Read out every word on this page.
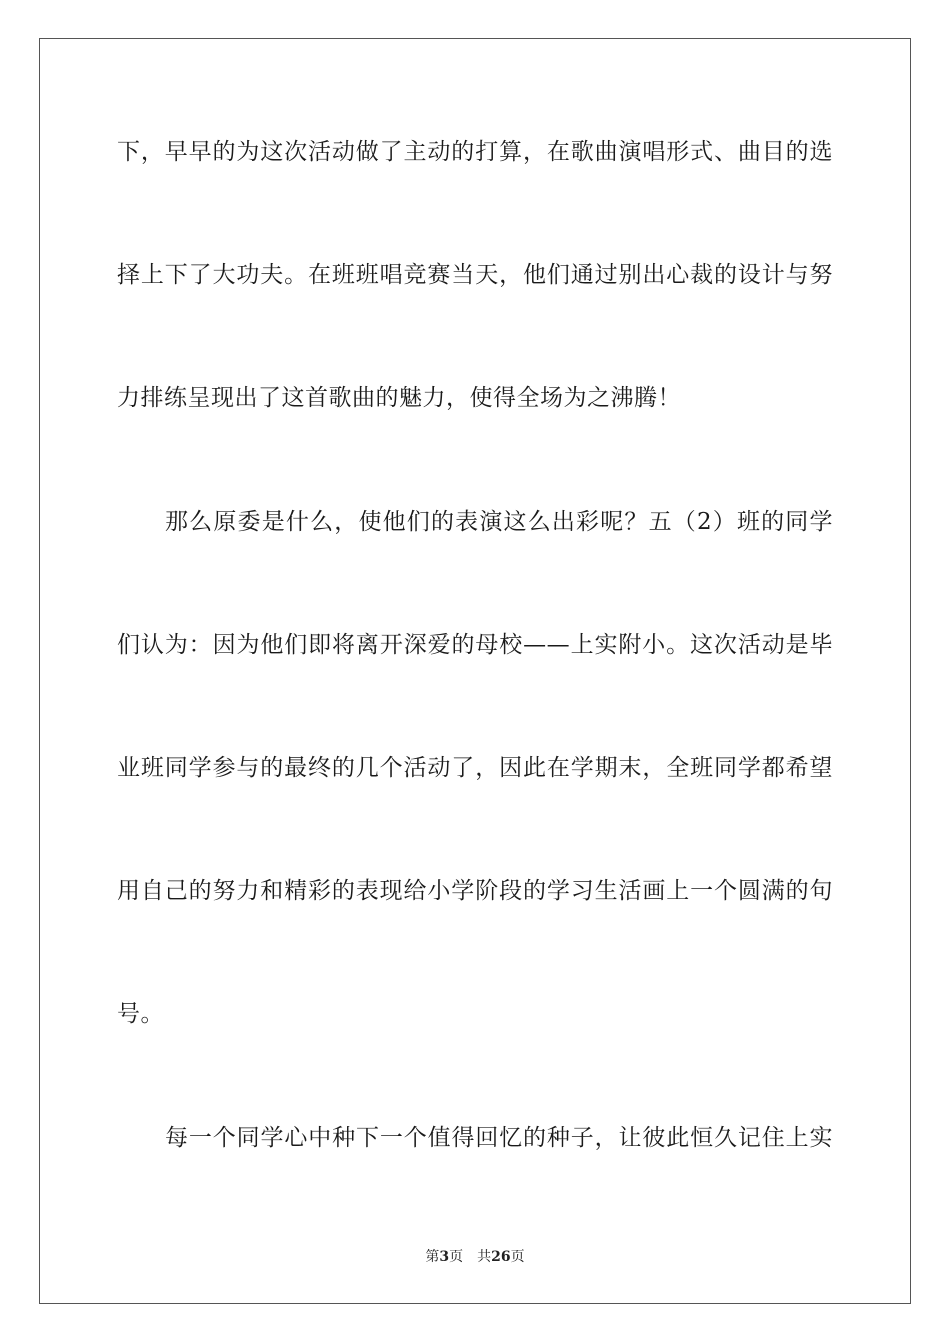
下，早早的为这次活动做了主动的打算，在歌曲演唱形式、曲目的选
择上下了大功夫。在班班唱竞赛当天，他们通过别出心裁的设计与努
力排练呈现出了这首歌曲的魅力，使得全场为之沸腾！
那么原委是什么，使他们的表演这么出彩呢？五（2）班的同学
们认为：因为他们即将离开深爱的母校——上实附小。这次活动是毕
业班同学参与的最终的几个活动了，因此在学期末，全班同学都希望
用自己的努力和精彩的表现给小学阶段的学习生活画上一个圆满的句
号。
每一个同学心中种下一个值得回忆的种子，让彼此恒久记住上实
第3页 共26页
